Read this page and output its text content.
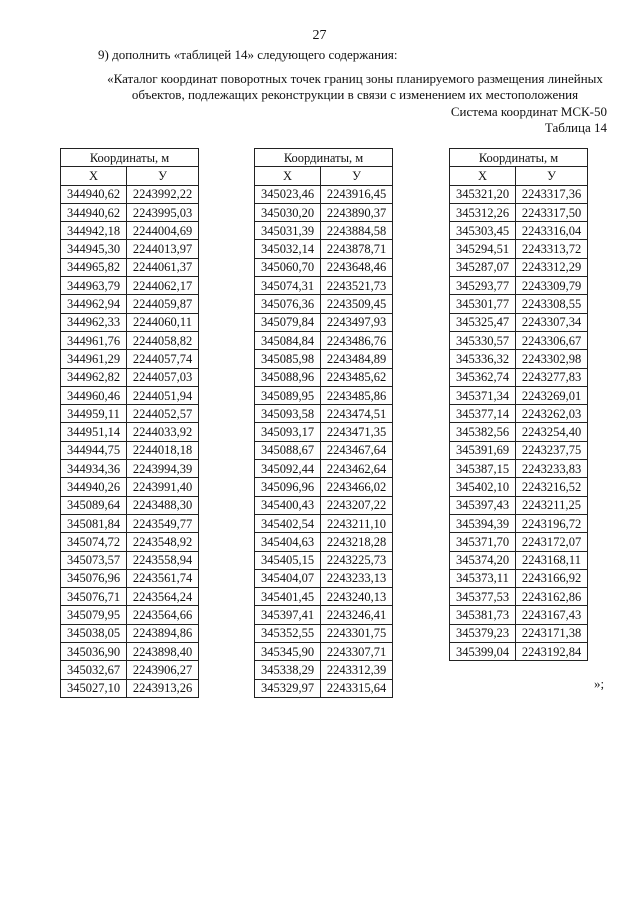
27
9) дополнить «таблицей 14» следующего содержания:
«Каталог координат поворотных точек границ зоны планируемого размещения линейных
объектов, подлежащих реконструкции в связи с изменением их местоположения
Система координат МСК-50
Таблица 14
Координаты, м	
X	У
344940,62	2243992,22
344940,62	2243995,03
344942,18	2244004,69
344945,30	2244013,97
344965,82	2244061,37
344963,79	2244062,17
344962,94	2244059,87
344962,33	2244060,11
344961,76	2244058,82
344961,29	2244057,74
344962,82	2244057,03
344960,46	2244051,94
344959,11	2244052,57
344951,14	2244033,92
344944,75	2244018,18
344934,36	2243994,39
344940,26	2243991,40
345089,64	2243488,30
345081,84	2243549,77
345074,72	2243548,92
345073,57	2243558,94
345076,96	2243561,74
345076,71	2243564,24
345079,95	2243564,66
345038,05	2243894,86
345036,90	2243898,40
345032,67	2243906,27
345027,10	2243913,26
Координаты, м	
X	У
345023,46	2243916,45
345030,20	2243890,37
345031,39	2243884,58
345032,14	2243878,71
345060,70	2243648,46
345074,31	2243521,73
345076,36	2243509,45
345079,84	2243497,93
345084,84	2243486,76
345085,98	2243484,89
345088,96	2243485,62
345089,95	2243485,86
345093,58	2243474,51
345093,17	2243471,35
345088,67	2243467,64
345092,44	2243462,64
345096,96	2243466,02
345400,43	2243207,22
345402,54	2243211,10
345404,63	2243218,28
345405,15	2243225,73
345404,07	2243233,13
345401,45	2243240,13
345397,41	2243246,41
345352,55	2243301,75
345345,90	2243307,71
345338,29	2243312,39
345329,97	2243315,64
Координаты, м	
X	У
345321,20	2243317,36
345312,26	2243317,50
345303,45	2243316,04
345294,51	2243313,72
345287,07	2243312,29
345293,77	2243309,79
345301,77	2243308,55
345325,47	2243307,34
345330,57	2243306,67
345336,32	2243302,98
345362,74	2243277,83
345371,34	2243269,01
345377,14	2243262,03
345382,56	2243254,40
345391,69	2243237,75
345387,15	2243233,83
345402,10	2243216,52
345397,43	2243211,25
345394,39	2243196,72
345371,70	2243172,07
345374,20	2243168,11
345373,11	2243166,92
345377,53	2243162,86
345381,73	2243167,43
345379,23	2243171,38
345399,04	2243192,84
»;
